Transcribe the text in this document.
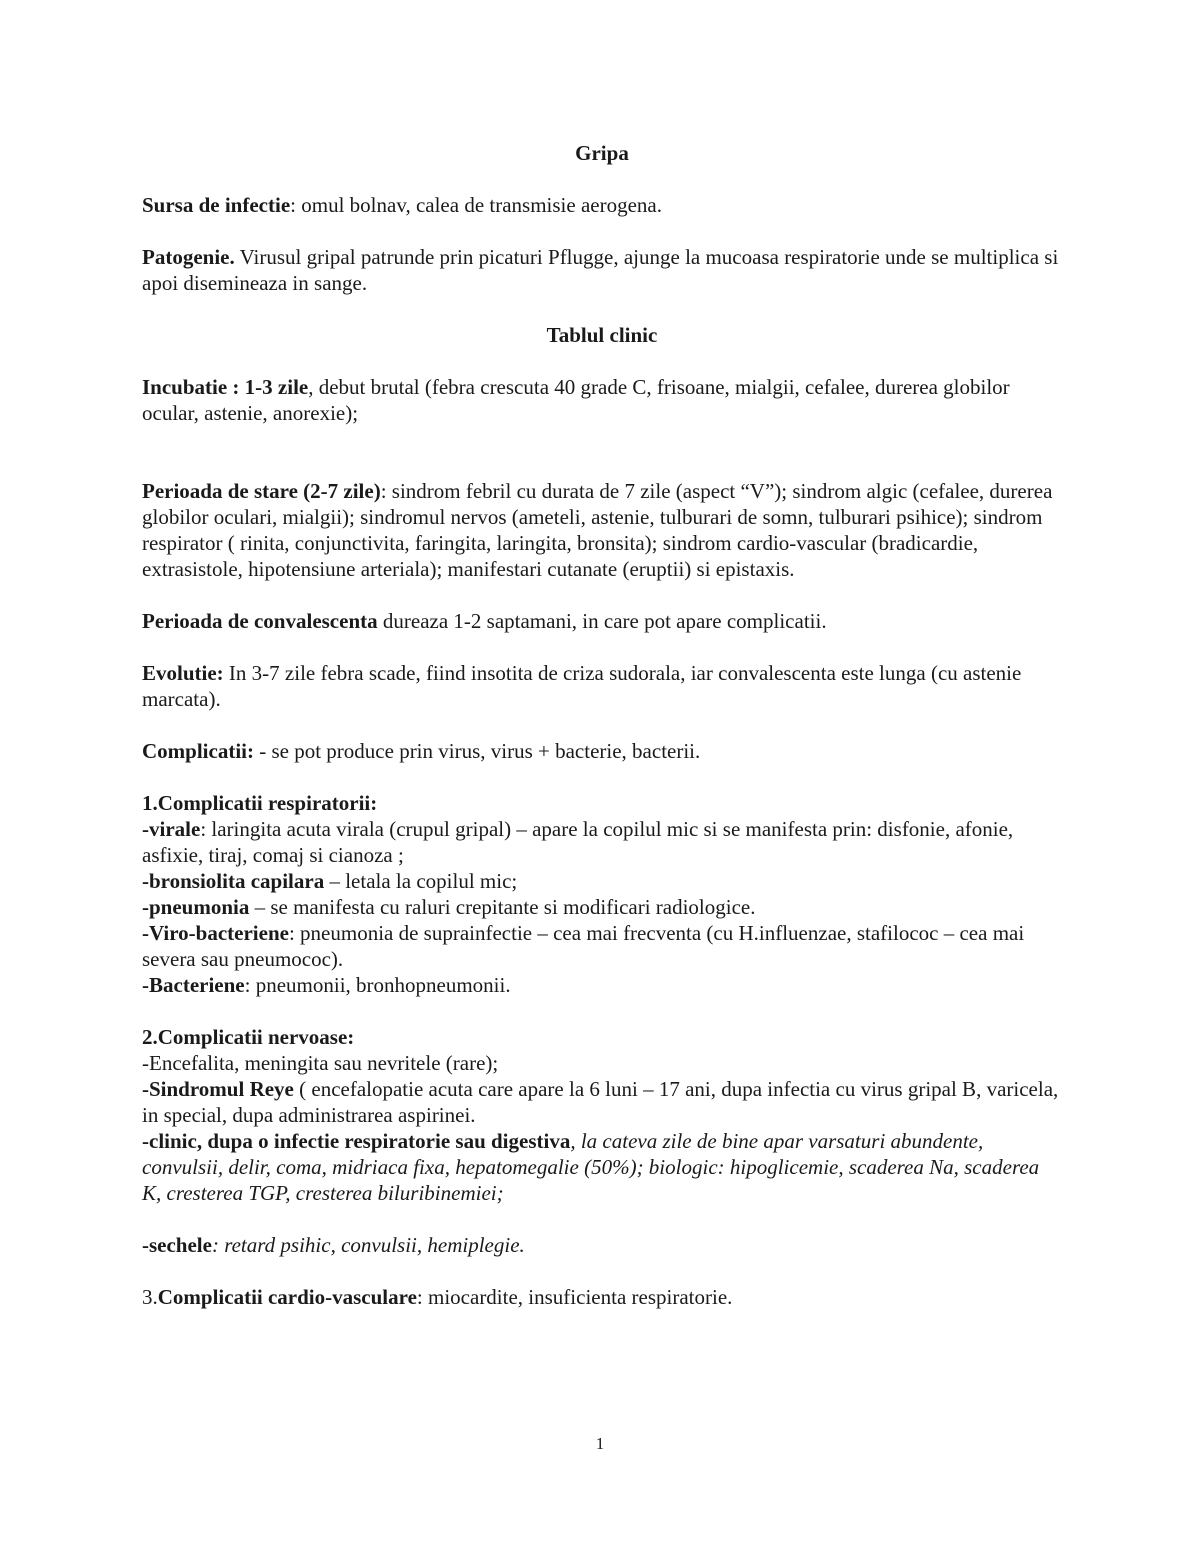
Gripa

Sursa de infectie: omul bolnav, calea de transmisie aerogena.

Patogenie. Virusul gripal patrunde prin picaturi Pflugge, ajunge la mucoasa respiratorie unde se multiplica si apoi disemineaza in sange.

Tablul clinic

Incubatie : 1-3 zile, debut brutal (febra crescuta 40 grade C, frisoane, mialgii, cefalee, durerea globilor ocular, astenie, anorexie);

Perioada de stare (2-7 zile): sindrom febril cu durata de 7 zile (aspect “V”); sindrom algic (cefalee, durerea globilor oculari, mialgii); sindromul nervos (ameteli, astenie, tulburari de somn, tulburari psihice); sindrom respirator ( rinita, conjunctivita, faringita, laringita, bronsita); sindrom cardio-vascular (bradicardie, extrasistole, hipotensiune arteriala); manifestari cutanate (eruptii) si epistaxis.

Perioada de convalescenta dureaza 1-2 saptamani, in care pot apare complicatii.

Evolutie: In 3-7 zile febra scade, fiind insotita de criza sudorala, iar convalescenta este lunga (cu astenie marcata).

Complicatii: - se pot produce prin virus, virus + bacterie, bacterii.

1.Complicatii respiratorii:

-virale: laringita acuta virala (crupul gripal) – apare la copilul mic si se manifesta prin: disfonie, afonie, asfixie, tiraj, comaj si cianoza ;

-bronsiolita capilara – letala la copilul mic;

-pneumonia – se manifesta cu raluri crepitante si modificari radiologice.

-Viro-bacteriene: pneumonia de suprainfectie – cea mai frecventa (cu H.influenzae, stafilococ – cea mai severa sau pneumococ).

-Bacteriene: pneumonii, bronhopneumonii.

2.Complicatii nervoase:

-Encefalita, meningita sau nevritele (rare);

-Sindromul Reye ( encefalopatie acuta care apare la 6 luni – 17 ani, dupa infectia cu virus gripal B, varicela, in special, dupa administrarea aspirinei.

-clinic, dupa o infectie respiratorie sau digestiva, la cateva zile de bine apar varsaturi abundente, convulsii, delir, coma, midriaca fixa, hepatomegalie (50%); biologic: hipoglicemie, scaderea Na, scaderea K, cresterea TGP, cresterea biluribinemiei;

-sechele: retard psihic, convulsii, hemiplegie.

3.Complicatii cardio-vasculare: miocardite, insuficienta respiratorie.

1
